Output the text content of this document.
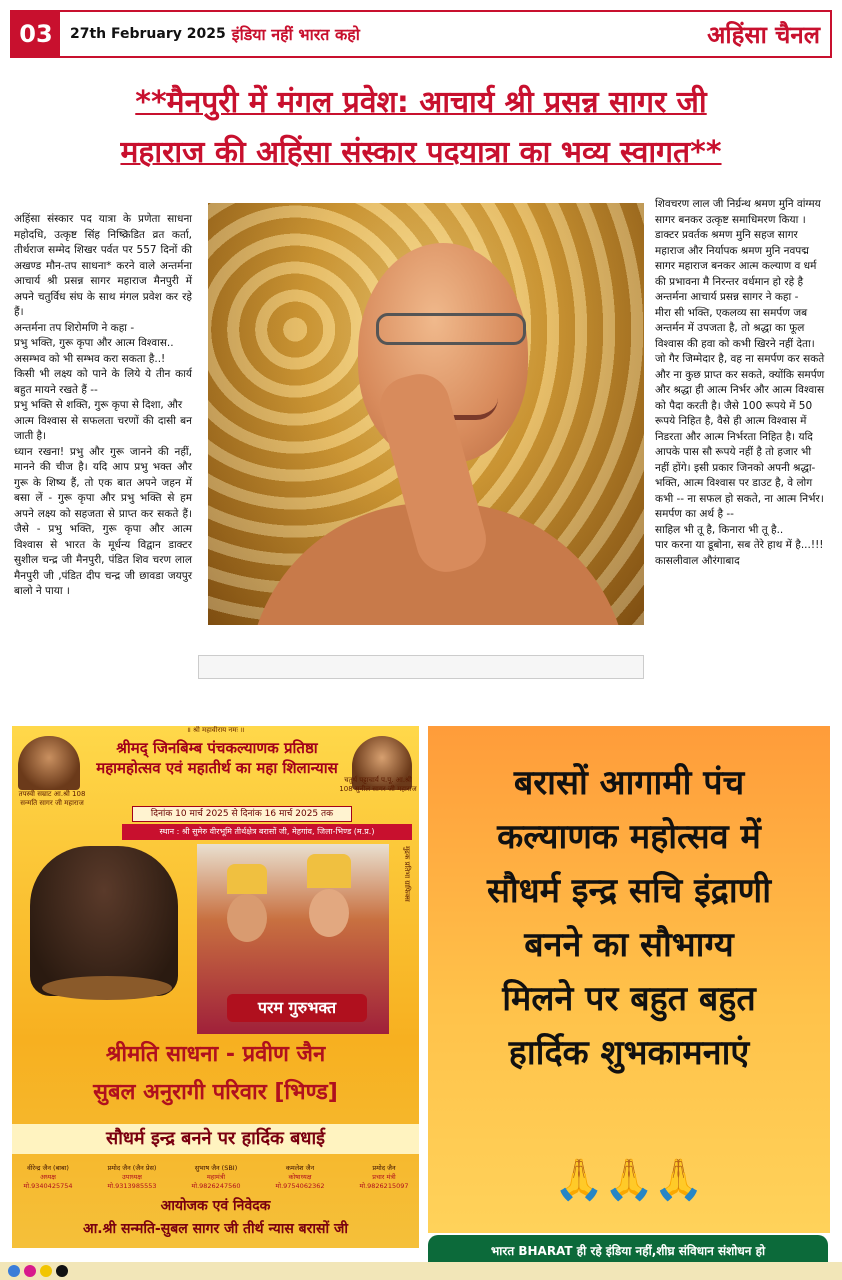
03	27th February 2025 इंडिया नहीं भारत कहो	अहिंसा चैनल
**मैनपुरी में मंगल प्रवेश: आचार्य श्री प्रसन्न सागर जी
महाराज की अहिंसा संस्कार पदयात्रा का भव्य स्वागत**

अहिंसा संस्कार पद यात्रा के प्रणेता साधना महोदधि, उत्कृष्ट सिंह निष्क्रिडित व्रत कर्ता, तीर्थराज सम्मेद शिखर पर्वत पर 557 दिनों की अखण्ड मौन-तप साधना* करने वाले अन्तर्मना आचार्य श्री प्रसन्न सागर महाराज मैनपुरी में अपने चतुर्विध संघ के साथ मंगल प्रवेश कर रहे हैं।

अन्तर्मना तप शिरोमणि ने कहा -

प्रभु भक्ति, गुरू कृपा और आत्म विश्वास..

असम्भव को भी सम्भव करा सकता है..!

किसी भी लक्ष्य को पाने के लिये ये तीन कार्य बहुत मायने रखते हैं --

प्रभु भक्ति से शक्ति, गुरू कृपा से दिशा, और

आत्म विश्वास से सफलता चरणों की दासी बन जाती है।

ध्यान रखना! प्रभु और गुरू जानने की नहीं, मानने की चीज है। यदि आप प्रभु भक्त और गुरू के शिष्य हैं, तो एक बात अपने जहन में बसा लें - गुरू कृपा और प्रभु भक्ति से हम अपने लक्ष्य को सहजता से प्राप्त कर सकते हैं। जैसे - प्रभु भक्ति, गुरू कृपा और आत्म विश्वास से भारत के मूर्धन्य विद्वान डाक्टर सुशील चन्द्र जी मैनपुरी, पंडित शिव चरण लाल मैनपुरी जी ,पंडित दीप चन्द्र जी छावडा जयपुर बालो ने पाया ।

शिवचरण लाल जी निर्ग्रन्थ श्रमण मुनि वांग्मय सागर बनकर उत्कृष्ट समाधिमरण किया ।डाक्टर प्रवर्तक श्रमण मुनि सहज सागर महाराज और निर्यापक श्रमण मुनि नवपद्म सागर महाराज बनकर आत्म कल्याण व धर्म की प्रभावना मै निरन्तर वर्धमान हो रहे है

अन्तर्मना आचार्य प्रसन्न सागर ने कहा -

मीरा सी भक्ति, एकलव्य सा समर्पण जब अन्तर्मन में उपजता है, तो श्रद्धा का फूल विश्वास की हवा को कभी खिरने नहीं देता। जो गैर जिम्मेदार है, वह ना समर्पण कर सकते और ना कुछ प्राप्त कर सकते, क्योंकि समर्पण और श्रद्धा ही आत्म निर्भर और आत्म विश्वास को पैदा करती है। जैसे 100 रूपये में 50 रूपये निहित है, वैसे ही आत्म विश्वास में निडरता और आत्म निर्भरता निहित है। यदि आपके पास सौ रूपये नहीं है तो हजार भी नहीं होंगे। इसी प्रकार जिनको अपनी श्रद्धा-भक्ति, आत्म विश्वास पर डाउट है, वे लोग कभी -- ना सफल हो सकते, ना आत्म निर्भर।

समर्पण का अर्थ है --

साहिल भी तू है, किनारा भी तू है..

पार करना या डूबोना, सब तेरे हाथ में है...!!!

कासलीवाल औरंगाबाद

॥ श्री महावीराय नमः ॥
तपस्वी सम्राट आ.श्री 108 सन्मति सागर जी महाराज
श्रीमद् जिनबिम्ब पंचकल्याणक प्रतिष्ठा महामहोत्सव एवं महातीर्थ का महा शिलान्यास
चतुर्थ पट्टाचार्य प.पू. आ.श्री 108 सुनील सागर जी महाराज
दिनांक 10 मार्च 2025 से दिनांक 16 मार्च 2025 तक
स्थान : श्री सुमेरु वीरभूमि तीर्थक्षेत्र बरासों जी, मेहगांव, जिला-भिण्ड (म.प्र.)
परम गुरुभक्त
मुद्रक प्रतिभा ग्राफिक्स
श्रीमति साधना - प्रवीण जैन
सुबल अनुरागी परिवार [भिण्ड]
सौधर्म इन्द्र बनने पर हार्दिक बधाई
वीरेन्द्र जैन (बाबा)
अध्यक्ष मो.9340425754
प्रमोद जैन (जैन प्रेस)
उपाध्यक्ष मो.9313985553
सुभाष जैन (SBI)
महामंत्री मो.9826247560
कमलेश जैन
कोषाध्यक्ष मो.9754062362
प्रमोद जैन
प्रचार मंत्री मो.9826215097
आयोजक एवं निवेदक
आ.श्री सन्मति-सुबल सागर जी तीर्थ न्यास बरासों जी
बरासों आगामी पंच
कल्याणक महोत्सव में
सौधर्म इन्द्र सचि इंद्राणी
बनने का सौभाग्य
मिलने पर बहुत बहुत
हार्दिक शुभकामनाएं
🙏🙏🙏
भारत BHARAT ही रहे इंडिया नहीं,शीघ्र संविधान संशोधन हो
